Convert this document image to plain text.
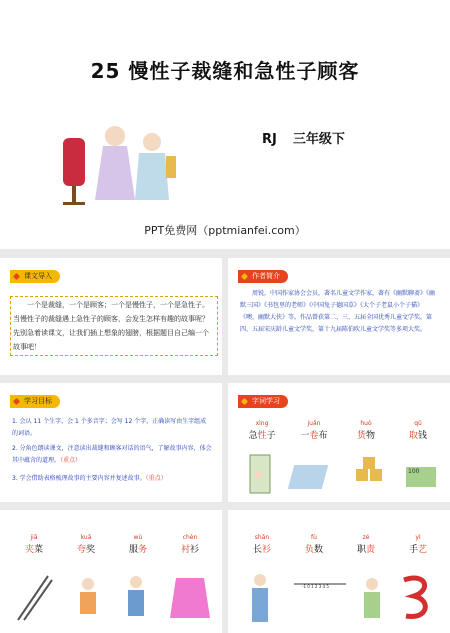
25 慢性子裁缝和急性子顾客
RJ 三年级下
PPT免费网（pptmianfei.com）
课文导入
　　一个是裁缝，一个是顾客；一个是慢性子，一个是急性子。当慢性子的裁缝遇上急性子的顾客，会发生怎样有趣的故事呢？先别急着读课文，让我们插上想象的翅膀，根据题目自己编一个故事吧！
作者简介
　　周锐，中国作家协会会员，著名儿童文学作家，著有《幽默聊斋》《幽默三国》《书包里的老师》《中国兔子德国草》《大个子老鼠小个子猫》《噢，幽默大侠》等。作品曾获第二、三、五届全国优秀儿童文学奖，第四、五届宋庆龄儿童文学奖，第十九届陈伯吹儿童文学奖等多项大奖。
学习目标
1. 会认 11 个生字，会 1 个多音字；会写 12 个字，正确读写由生字组成的词语。
2. 分角色朗读课文，注意读出裁缝和顾客对话的语气，了解故事内容，体会其中蕴含的道理。（重点）
3. 学会借助表格梳理故事的主要内容并复述故事。（重点）
字词学习
xìng
急性子
juǎn
一卷布
huò
货物
qǔ
取钱
100
jiā
夹菜
kuā
夸奖
wù
服务
chèn
衬衫
shān
长衫
fù
负数
zé
职责
yì
手艺
-1 0 1 2 3 4 5
